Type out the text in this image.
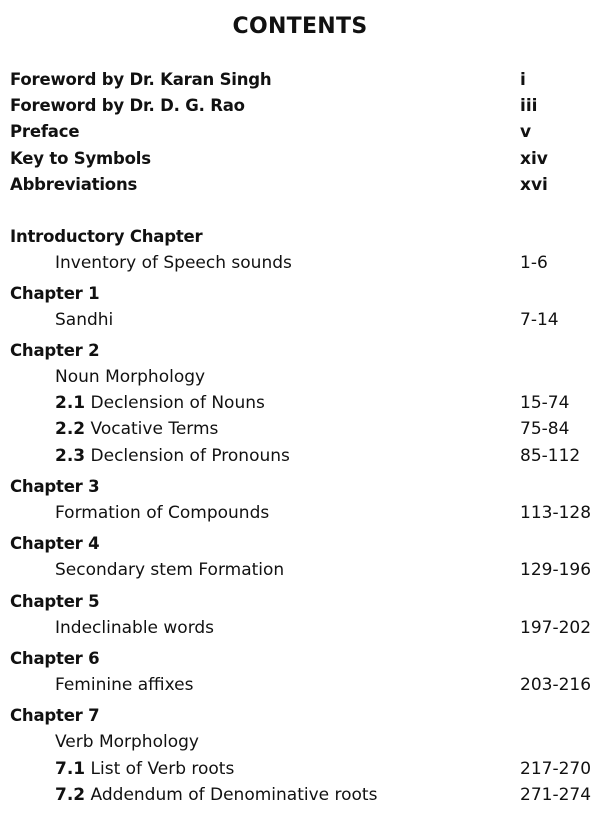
CONTENTS
Foreword by Dr. Karan Singh	i
Foreword by Dr. D. G. Rao	iii
Preface	v
Key to Symbols	xiv
Abbreviations	xvi
Introductory Chapter
Inventory of Speech sounds	1-6
Chapter 1
Sandhi	7-14
Chapter 2
Noun Morphology
2.1 Declension of Nouns	15-74
2.2 Vocative Terms	75-84
2.3 Declension of Pronouns	85-112
Chapter 3
Formation of Compounds	113-128
Chapter 4
Secondary stem Formation	129-196
Chapter 5
Indeclinable words	197-202
Chapter 6
Feminine affixes	203-216
Chapter 7
Verb Morphology
7.1 List of Verb roots	217-270
7.2 Addendum of Denominative roots	271-274
